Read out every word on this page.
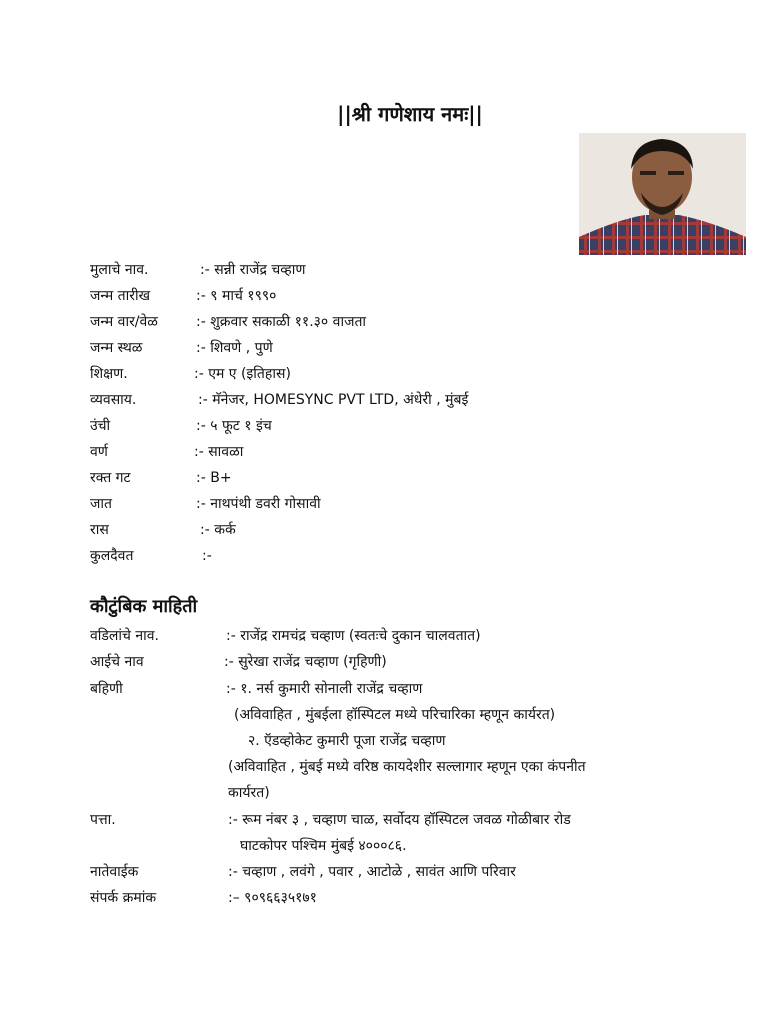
||श्री गणेशाय नमः||
मुलाचे नाव.	:- सन्नी राजेंद्र चव्हाण
जन्म तारीख	:- ९ मार्च १९९०
जन्म वार/वेळ	:- शुक्रवार सकाळी ११.३० वाजता
जन्म स्थळ	:- शिवणे , पुणे
शिक्षण.	:- एम ए (इतिहास)
व्यवसाय.	:- मॅनेजर, HOMESYNC PVT LTD, अंधेरी , मुंबई
उंची	:- ५ फूट १ इंच
वर्ण	:- सावळा
रक्त गट	:- B+
जात	:- नाथपंथी डवरी गोसावी
रास	:- कर्क
कुलदैवत	:-
कौटुंबिक माहिती
वडिलांचे नाव.	:- राजेंद्र रामचंद्र चव्हाण (स्वतःचे दुकान चालवतात)
आईचे नाव	:- सुरेखा राजेंद्र चव्हाण (गृहिणी)
बहिणी	:- १. नर्स कुमारी सोनाली राजेंद्र चव्हाण
(अविवाहित , मुंबईला हॉस्पिटल मध्ये परिचारिका म्हणून कार्यरत)
२. ऍडव्होकेट कुमारी पूजा राजेंद्र चव्हाण
(अविवाहित , मुंबई मध्ये वरिष्ठ कायदेशीर सल्लागार म्हणून एका कंपनीत
कार्यरत)
पत्ता.	:- रूम नंबर ३ , चव्हाण चाळ, सर्वोदय हॉस्पिटल जवळ गोळीबार रोड
घाटकोपर पश्चिम मुंबई ४०००८६.
नातेवाईक	:- चव्हाण , लवंगे , पवार , आटोळे , सावंत आणि परिवार
संपर्क क्रमांक	:– ९०९६६३५१७१
